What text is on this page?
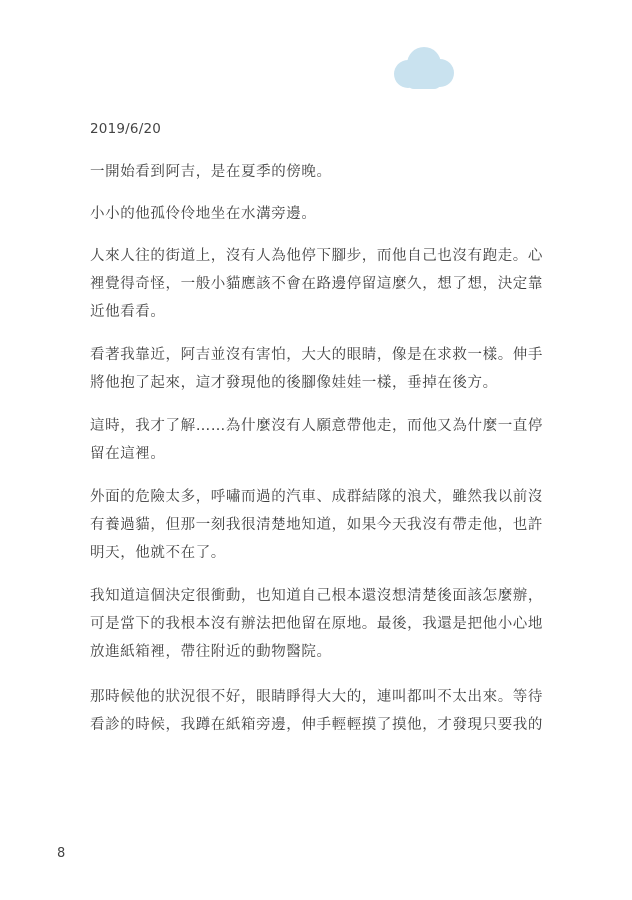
2019/6/20

一開始看到阿吉，是在夏季的傍晚。

小小的他孤伶伶地坐在水溝旁邊。

人來人往的街道上，沒有人為他停下腳步，而他自己也沒有跑走。心
裡覺得奇怪，一般小貓應該不會在路邊停留這麼久，想了想，決定靠
近他看看。

看著我靠近，阿吉並沒有害怕，大大的眼睛，像是在求救一樣。伸手
將他抱了起來，這才發現他的後腳像娃娃一樣，垂掉在後方。

這時，我才了解……為什麼沒有人願意帶他走，而他又為什麼一直停
留在這裡。

外面的危險太多，呼嘯而過的汽車、成群結隊的浪犬，雖然我以前沒
有養過貓，但那一刻我很清楚地知道，如果今天我沒有帶走他，也許
明天，他就不在了。

我知道這個決定很衝動，也知道自己根本還沒想清楚後面該怎麼辦，
可是當下的我根本沒有辦法把他留在原地。最後，我還是把他小心地
放進紙箱裡，帶往附近的動物醫院。

那時候他的狀況很不好，眼睛睜得大大的，連叫都叫不太出來。等待
看診的時候，我蹲在紙箱旁邊，伸手輕輕摸了摸他，才發現只要我的

8
